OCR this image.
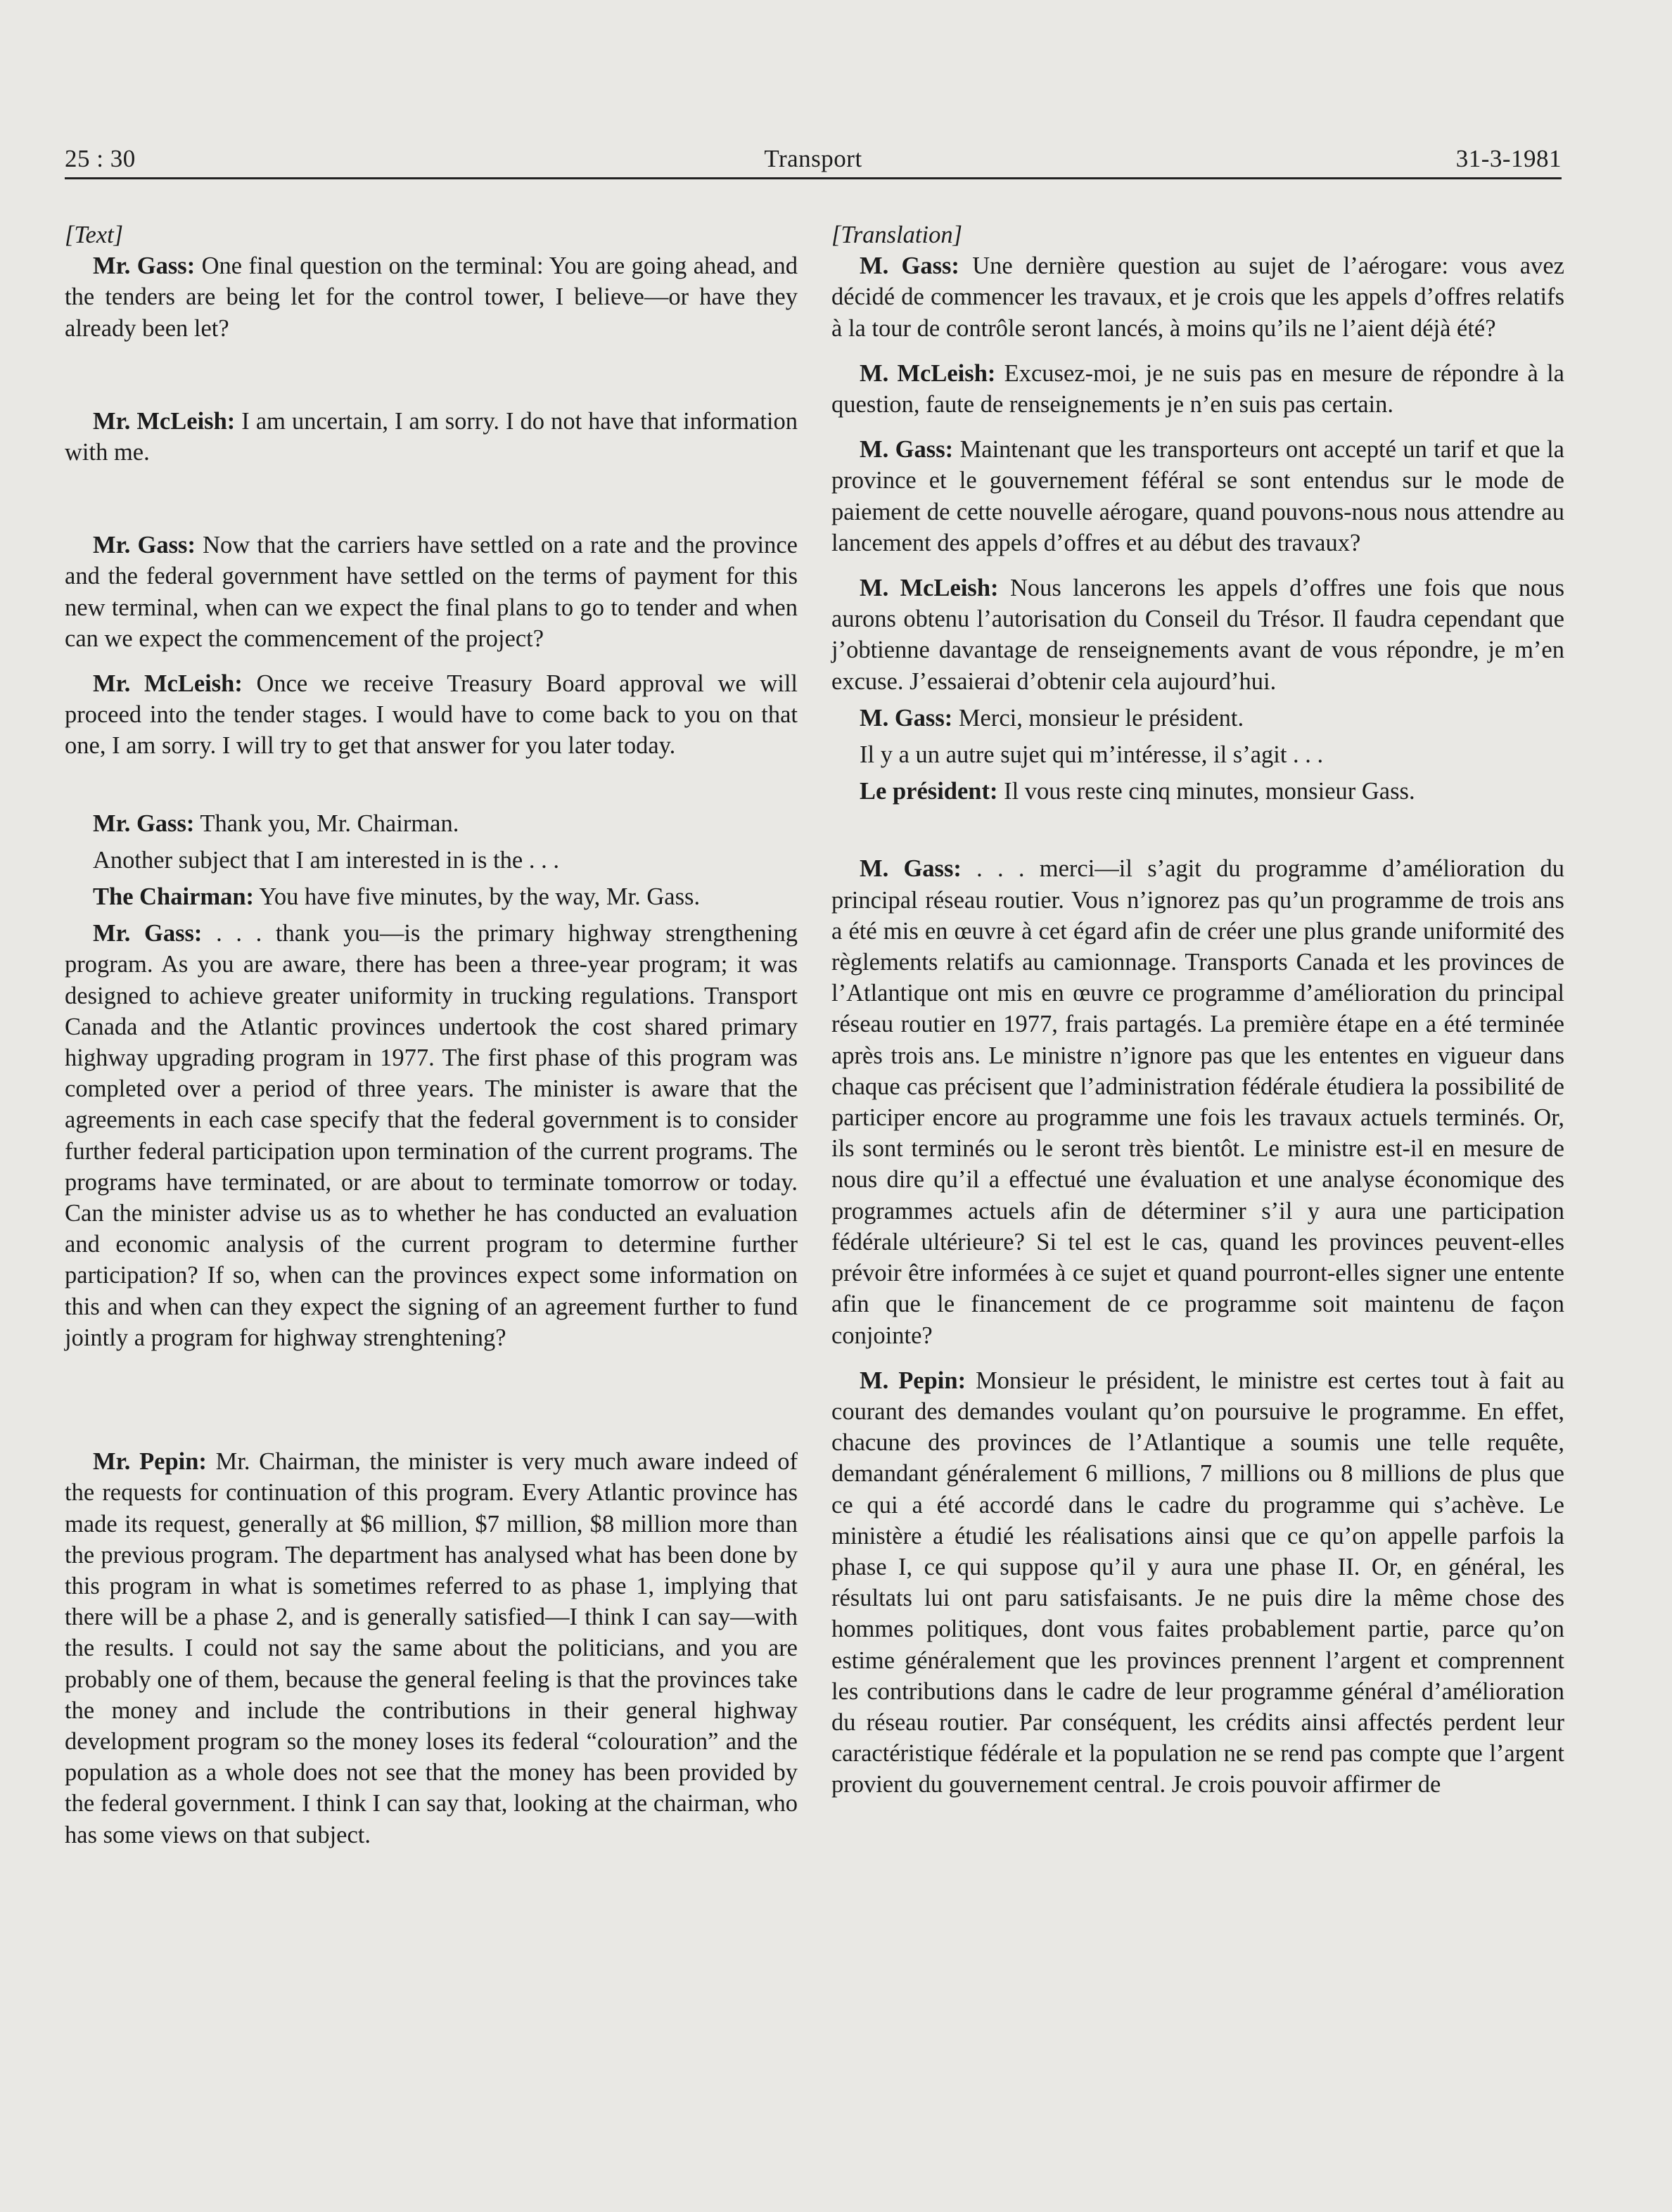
25 : 30	Transport	31-3-1981

[Text]

Mr. Gass: One final question on the terminal: You are going ahead, and the tenders are being let for the control tower, I believe—or have they already been let?

Mr. McLeish: I am uncertain, I am sorry. I do not have that information with me.

Mr. Gass: Now that the carriers have settled on a rate and the province and the federal government have settled on the terms of payment for this new terminal, when can we expect the final plans to go to tender and when can we expect the commencement of the project?

Mr. McLeish: Once we receive Treasury Board approval we will proceed into the tender stages. I would have to come back to you on that one, I am sorry. I will try to get that answer for you later today.

Mr. Gass: Thank you, Mr. Chairman.

Another subject that I am interested in is the . . .

The Chairman: You have five minutes, by the way, Mr. Gass.

Mr. Gass: . . . thank you—is the primary highway strengthening program. As you are aware, there has been a three-year program; it was designed to achieve greater uniformity in trucking regulations. Transport Canada and the Atlantic provinces undertook the cost shared primary highway upgrading program in 1977. The first phase of this program was completed over a period of three years. The minister is aware that the agreements in each case specify that the federal government is to consider further federal participation upon termination of the current programs. The programs have terminated, or are about to terminate tomorrow or today. Can the minister advise us as to whether he has conducted an evaluation and economic analysis of the current program to determine further participation? If so, when can the provinces expect some information on this and when can they expect the signing of an agreement further to fund jointly a program for highway strenghtening?

Mr. Pepin: Mr. Chairman, the minister is very much aware indeed of the requests for continuation of this program. Every Atlantic province has made its request, generally at $6 million, $7 million, $8 million more than the previous program. The department has analysed what has been done by this program in what is sometimes referred to as phase 1, implying that there will be a phase 2, and is generally satisfied—I think I can say—with the results. I could not say the same about the politicians, and you are probably one of them, because the general feeling is that the provinces take the money and include the contributions in their general highway development program so the money loses its federal “colouration” and the population as a whole does not see that the money has been provided by the federal government. I think I can say that, looking at the chairman, who has some views on that subject.

[Translation]

M. Gass: Une dernière question au sujet de l’aérogare: vous avez décidé de commencer les travaux, et je crois que les appels d’offres relatifs à la tour de contrôle seront lancés, à moins qu’ils ne l’aient déjà été?

M. McLeish: Excusez-moi, je ne suis pas en mesure de répondre à la question, faute de renseignements je n’en suis pas certain.

M. Gass: Maintenant que les transporteurs ont accepté un tarif et que la province et le gouvernement féféral se sont entendus sur le mode de paiement de cette nouvelle aérogare, quand pouvons-nous nous attendre au lancement des appels d’offres et au début des travaux?

M. McLeish: Nous lancerons les appels d’offres une fois que nous aurons obtenu l’autorisation du Conseil du Trésor. Il faudra cependant que j’obtienne davantage de renseignements avant de vous répondre, je m’en excuse. J’essaierai d’obtenir cela aujourd’hui.

M. Gass: Merci, monsieur le président.

Il y a un autre sujet qui m’intéresse, il s’agit . . .

Le président: Il vous reste cinq minutes, monsieur Gass.

M. Gass: . . . merci—il s’agit du programme d’amélioration du principal réseau routier. Vous n’ignorez pas qu’un programme de trois ans a été mis en œuvre à cet égard afin de créer une plus grande uniformité des règlements relatifs au camionnage. Transports Canada et les provinces de l’Atlantique ont mis en œuvre ce programme d’amélioration du principal réseau routier en 1977, frais partagés. La première étape en a été terminée après trois ans. Le ministre n’ignore pas que les ententes en vigueur dans chaque cas précisent que l’administration fédérale étudiera la possibilité de participer encore au programme une fois les travaux actuels terminés. Or, ils sont terminés ou le seront très bientôt. Le ministre est-il en mesure de nous dire qu’il a effectué une évaluation et une analyse économique des programmes actuels afin de déterminer s’il y aura une participation fédérale ultérieure? Si tel est le cas, quand les provinces peuvent-elles prévoir être informées à ce sujet et quand pourront-elles signer une entente afin que le financement de ce programme soit maintenu de façon conjointe?

M. Pepin: Monsieur le président, le ministre est certes tout à fait au courant des demandes voulant qu’on poursuive le programme. En effet, chacune des provinces de l’Atlantique a soumis une telle requête, demandant généralement 6 millions, 7 millions ou 8 millions de plus que ce qui a été accordé dans le cadre du programme qui s’achève. Le ministère a étudié les réalisations ainsi que ce qu’on appelle parfois la phase I, ce qui suppose qu’il y aura une phase II. Or, en général, les résultats lui ont paru satisfaisants. Je ne puis dire la même chose des hommes politiques, dont vous faites probablement partie, parce qu’on estime généralement que les provinces prennent l’argent et comprennent les contributions dans le cadre de leur programme général d’amélioration du réseau routier. Par conséquent, les crédits ainsi affectés perdent leur caractéristique fédérale et la population ne se rend pas compte que l’argent provient du gouvernement central. Je crois pouvoir affirmer de
